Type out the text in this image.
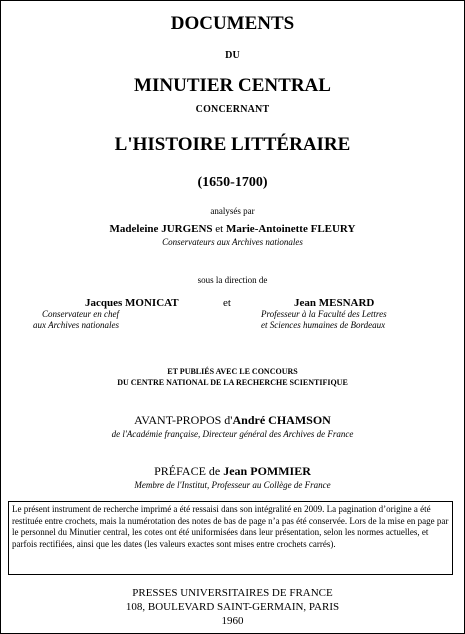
DOCUMENTS
DU
MINUTIER CENTRAL
CONCERNANT
L'HISTOIRE LITTÉRAIRE
(1650-1700)
analysés par
Madeleine JURGENS et Marie-Antoinette FLEURY
Conservateurs aux Archives nationales
sous la direction de
Jacques MONICAT
Conservateur en chef
aux Archives nationales
et	Jean MESNARD
Professeur à la Faculté des Lettres
et Sciences humaines de Bordeaux
ET PUBLIÉS AVEC LE CONCOURS
DU CENTRE NATIONAL DE LA RECHERCHE SCIENTIFIQUE
AVANT-PROPOS d'André CHAMSON
de l'Académie française, Directeur général des Archives de France
PRÉFACE de Jean POMMIER
Membre de l'Institut, Professeur au Collège de France
Le présent instrument de recherche imprimé a été ressaisi dans son intégralité en 2009. La pagination d’origine a été restituée entre crochets, mais la numérotation des notes de bas de page n’a pas été conservée. Lors de la mise en page par le personnel du Minutier central, les cotes ont été uniformisées dans leur présentation, selon les normes actuelles, et parfois rectifiées, ainsi que les dates (les valeurs exactes sont mises entre crochets carrés).
PRESSES UNIVERSITAIRES DE FRANCE
108, BOULEVARD SAINT-GERMAIN, PARIS
1960
